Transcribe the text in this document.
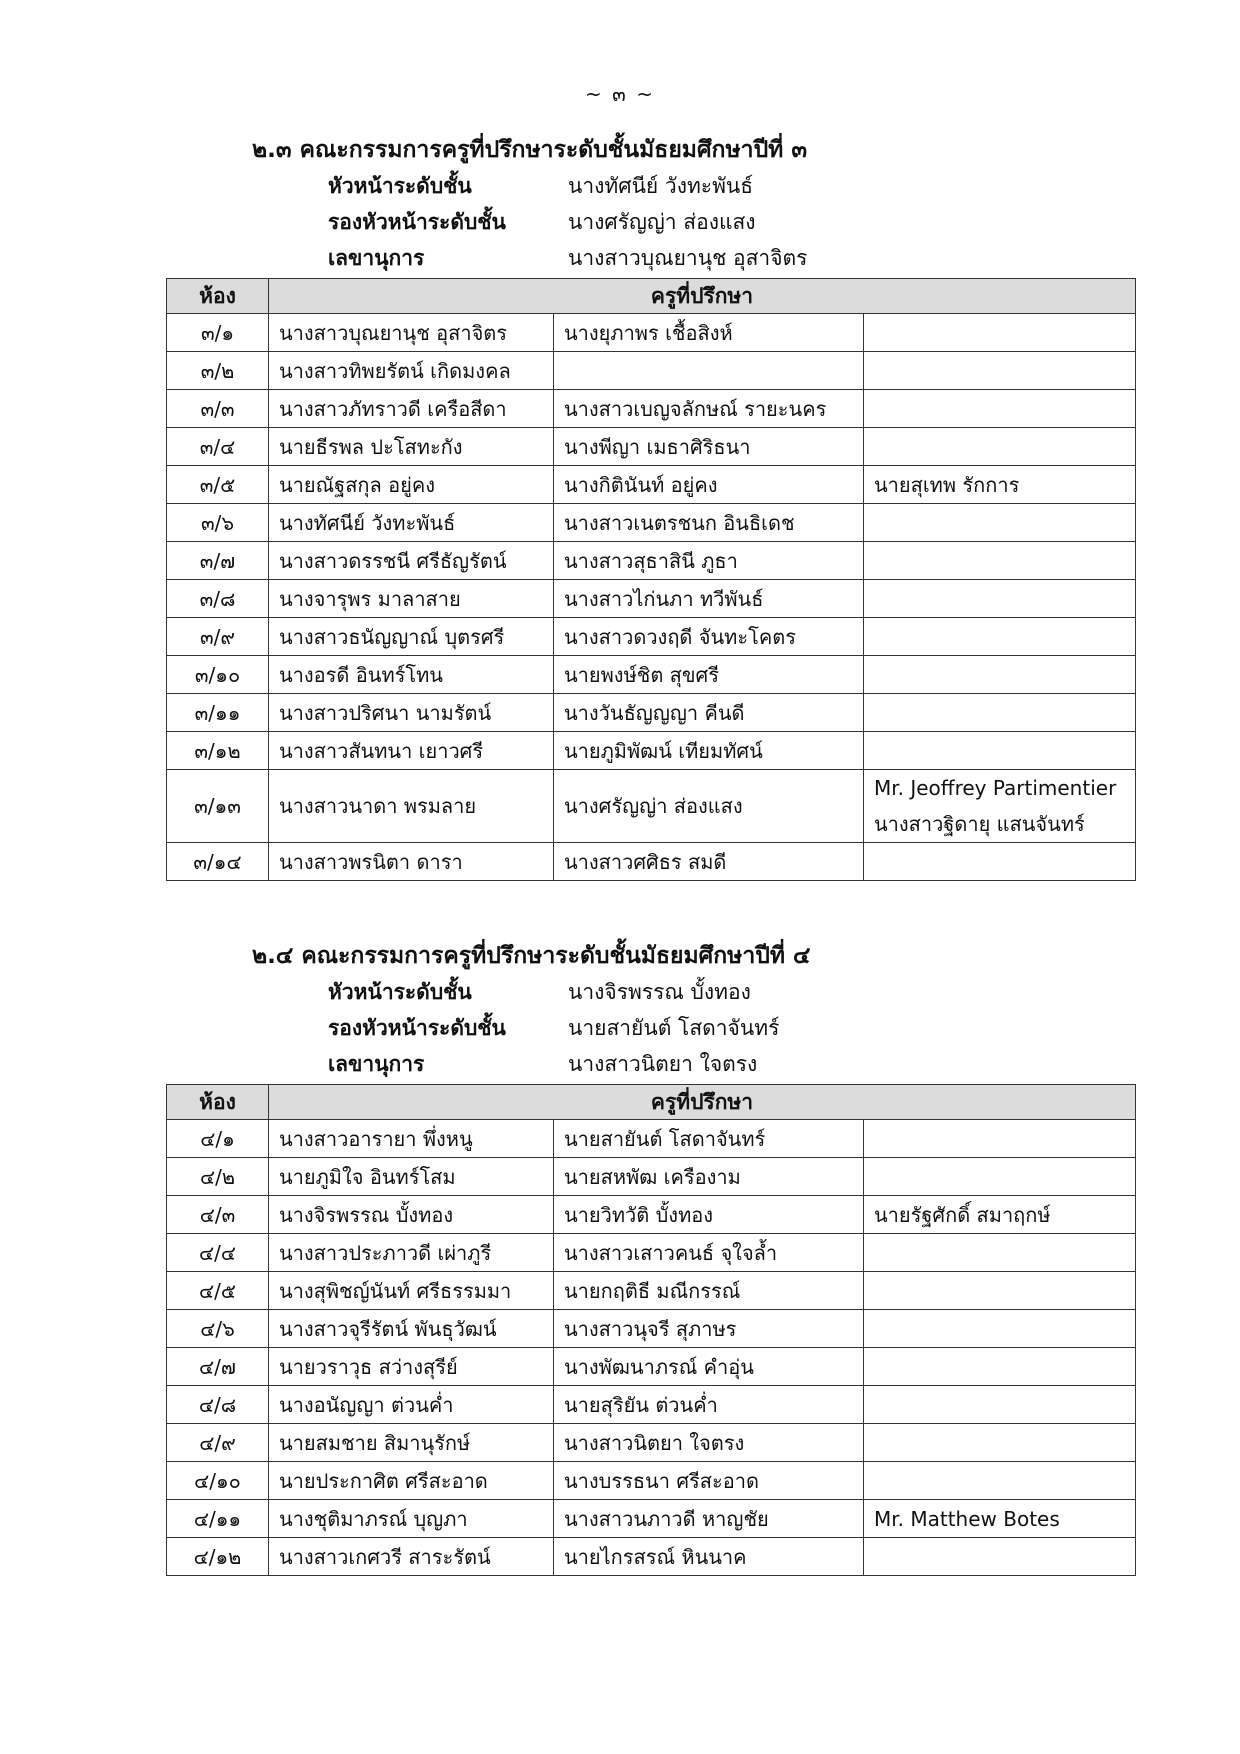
~ ๓ ~
๒.๓ คณะกรรมการครูที่ปรึกษาระดับชั้นมัธยมศึกษาปีที่ ๓
หัวหน้าระดับชั้น	นางทัศนีย์ วังทะพันธ์
รองหัวหน้าระดับชั้น	นางศรัญญ่า ส่องแสง
เลขานุการ	นางสาวบุณยานุช อุสาจิตร
ห้อง	ครูที่ปรึกษา		
๓/๑	นางสาวบุณยานุช อุสาจิตร	นางยุภาพร เชื้อสิงห์	
๓/๒	นางสาวทิพยรัตน์ เกิดมงคล		
๓/๓	นางสาวภัทราวดี เครือสีดา	นางสาวเบญจลักษณ์ รายะนคร	
๓/๔	นายธีรพล ปะโสทะกัง	นางพีญา เมธาศิริธนา	
๓/๕	นายณัฐสกุล อยู่คง	นางกิตินันท์ อยู่คง	นายสุเทพ รักการ
๓/๖	นางทัศนีย์ วังทะพันธ์	นางสาวเนตรชนก อินธิเดช	
๓/๗	นางสาวดรรชนี ศรีธัญรัตน์	นางสาวสุธาสินี ภูธา	
๓/๘	นางจารุพร มาลาสาย	นางสาวไก่นภา ทวีพันธ์	
๓/๙	นางสาวธนัญญาณ์ บุตรศรี	นางสาวดวงฤดี จันทะโคตร	
๓/๑๐	นางอรดี อินทร์โทน	นายพงษ์ชิต สุขศรี	
๓/๑๑	นางสาวปริศนา นามรัตน์	นางวันธัญญญา คีนดี	
๓/๑๒	นางสาวสันทนา เยาวศรี	นายภูมิพัฒน์ เทียมทัศน์	
๓/๑๓	นางสาวนาดา พรมลาย	นางศรัญญ่า ส่องแสง	Mr. Jeoffrey Partimentier
นางสาวฐิดายุ แสนจันทร์

๓/๑๔	นางสาวพรนิตา ดารา	นางสาวศศิธร สมดี	
๒.๔ คณะกรรมการครูที่ปรึกษาระดับชั้นมัธยมศึกษาปีที่ ๔
หัวหน้าระดับชั้น	นางจิรพรรณ บั้งทอง
รองหัวหน้าระดับชั้น	นายสายันต์ โสดาจันทร์
เลขานุการ	นางสาวนิตยา ใจตรง
ห้อง	ครูที่ปรึกษา		
๔/๑	นางสาวอารายา พึ่งหนู	นายสายันต์ โสดาจันทร์	
๔/๒	นายภูมิใจ อินทร์โสม	นายสหพัฒ เครืองาม	
๔/๓	นางจิรพรรณ บั้งทอง	นายวิทวัติ บั้งทอง	นายรัฐศักดิ์ สมาฤกษ์
๔/๔	นางสาวประภาวดี เผ่าภูรี	นางสาวเสาวคนธ์ จุใจล้ำ	
๔/๕	นางสุพิชญ์นันท์ ศรีธรรมมา	นายกฤติธี มณีกรรณ์	
๔/๖	นางสาวจุรีรัตน์ พันธุวัฒน์	นางสาวนุจรี สุภาษร	
๔/๗	นายวราวุธ สว่างสุรีย์	นางพัฒนาภรณ์ คำอุ่น	
๔/๘	นางอนัญญา ต่วนค่ำ	นายสุริยัน ต่วนค่ำ	
๔/๙	นายสมชาย สิมานุรักษ์	นางสาวนิตยา ใจตรง	
๔/๑๐	นายประกาศิต ศรีสะอาด	นางบรรธนา ศรีสะอาด	
๔/๑๑	นางชุติมาภรณ์ บุญภา	นางสาวนภาวดี หาญชัย	Mr. Matthew Botes
๔/๑๒	นางสาวเกศวรี สาระรัตน์	นายไกรสรณ์ หินนาค	
